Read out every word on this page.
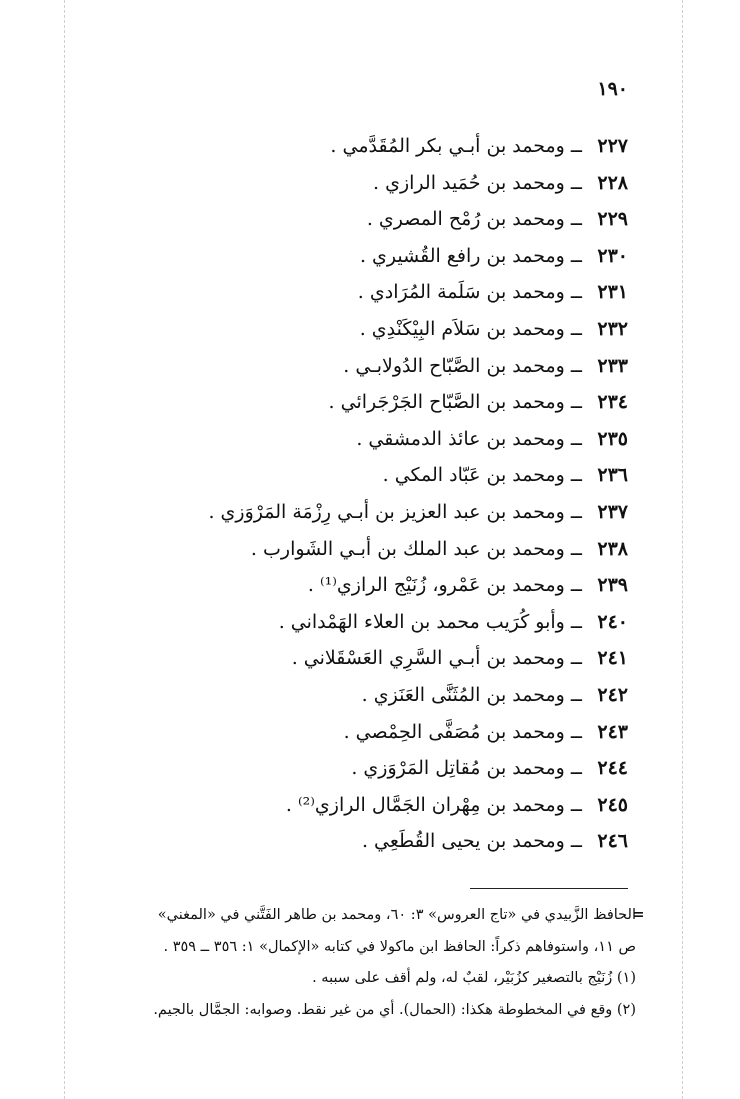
١٩٠
٢٢٧ــومحمد بن أبـي بكر المُقَدَّمي .
٢٢٨ــومحمد بن حُمَيد الرازي .
٢٢٩ــومحمد بن رُمْح المصري .
٢٣٠ــومحمد بن رافع القُشيري .
٢٣١ــومحمد بن سَلَمة المُرَادي .
٢٣٢ــومحمد بن سَلاَم البِيْكَنْدِي .
٢٣٣ــومحمد بن الصَّبّاح الدُولابـي .
٢٣٤ــومحمد بن الصَّبّاح الجَرْجَرائي .
٢٣٥ــومحمد بن عائذ الدمشقي .
٢٣٦ــومحمد بن عَبّاد المكي .
٢٣٧ــومحمد بن عبد العزيز بن أبـي رِزْمَة المَرْوَزي .
٢٣٨ــومحمد بن عبد الملك بن أبـي الشَوارب .
٢٣٩ــومحمد بن عَمْرو، زُنَيْج الرازي⁽¹⁾ .
٢٤٠ــوأبو كُرَيب محمد بن العلاء الهَمْداني .
٢٤١ــومحمد بن أبـي السَّرِي العَسْقَلاني .
٢٤٢ــومحمد بن المُثَنَّى العَنَزي .
٢٤٣ــومحمد بن مُصَفَّى الحِمْصي .
٢٤٤ــومحمد بن مُقاتِل المَرْوَزي .
٢٤٥ــومحمد بن مِهْران الجَمَّال الرازي⁽²⁾ .
٢٤٦ــومحمد بن يحيى القُطَعِي .
=
الحافظ الزَّبيدي في «تاج العروس» ٣: ٦٠، ومحمد بن طاهر الفَتَّني في «المغني»
ص ١١، واستوفاهم ذكراً: الحافظ ابن ماكولا في كتابه «الإكمال» ١: ٣٥٦ ــ ٣٥٩ .
(١) زُنَيْج بالتصغير كزُبَيْر، لقبٌ له، ولم أقف على سببه .
(٢) وقع في المخطوطة هكذا: (الحمال). أي من غير نقط. وصوابه: الجمَّال بالجيم.
